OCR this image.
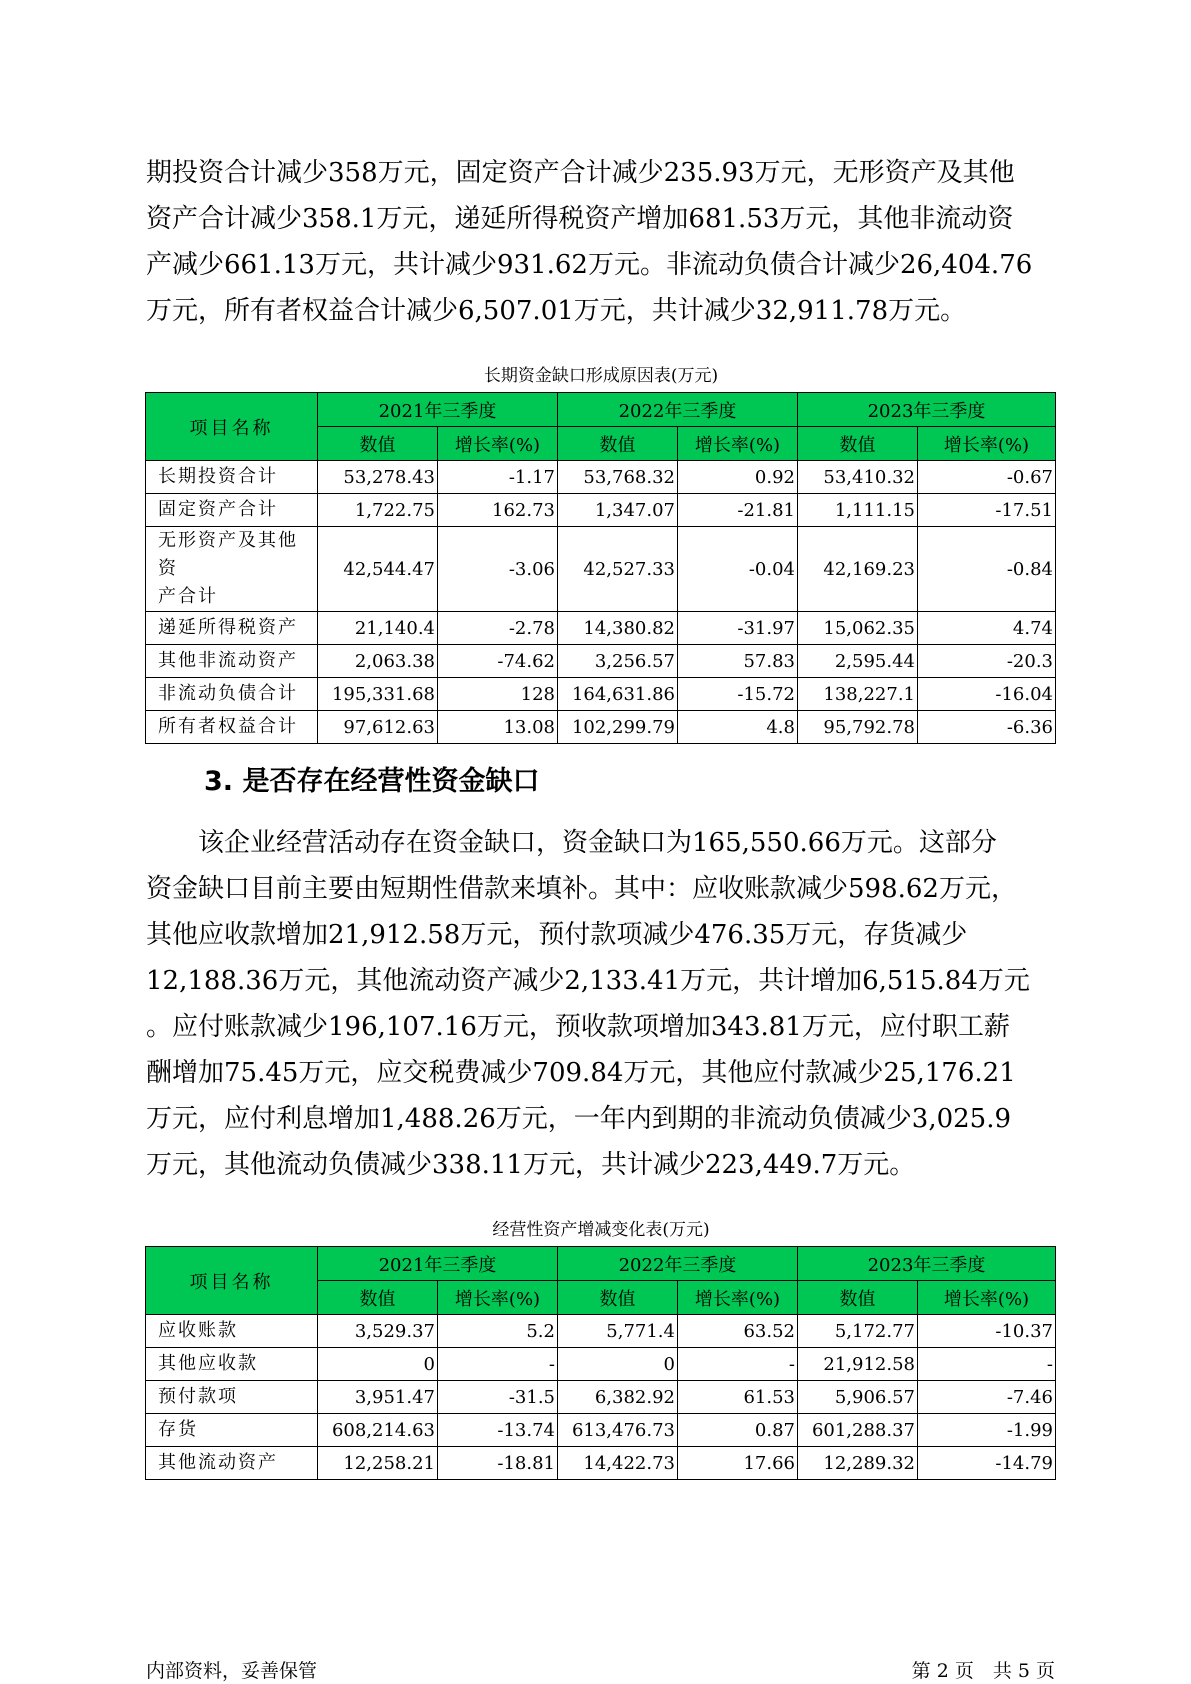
期投资合计减少358万元，固定资产合计减少235.93万元，无形资产及其他
资产合计减少358.1万元，递延所得税资产增加681.53万元，其他非流动资
产减少661.13万元，共计减少931.62万元。非流动负债合计减少26,404.76
万元，所有者权益合计减少6,507.01万元，共计减少32,911.78万元。
长期资金缺口形成原因表(万元)
项目名称	2021年三季度		2022年三季度		2023年三季度	
	数值	增长率(%)	数值	增长率(%)	数值	增长率(%)
长期投资合计	53,278.43	-1.17	53,768.32	0.92	53,410.32	-0.67
固定资产合计	1,722.75	162.73	1,347.07	-21.81	1,111.15	-17.51
无形资产及其他资
产合计	42,544.47	-3.06	42,527.33	-0.04	42,169.23	-0.84
递延所得税资产	21,140.4	-2.78	14,380.82	-31.97	15,062.35	4.74
其他非流动资产	2,063.38	-74.62	3,256.57	57.83	2,595.44	-20.3
非流动负债合计	195,331.68	128	164,631.86	-15.72	138,227.1	-16.04
所有者权益合计	97,612.63	13.08	102,299.79	4.8	95,792.78	-6.36
3. 是否存在经营性资金缺口
　　该企业经营活动存在资金缺口，资金缺口为165,550.66万元。这部分
资金缺口目前主要由短期性借款来填补。其中：应收账款减少598.62万元，
其他应收款增加21,912.58万元，预付款项减少476.35万元，存货减少
12,188.36万元，其他流动资产减少2,133.41万元，共计增加6,515.84万元
。应付账款减少196,107.16万元，预收款项增加343.81万元，应付职工薪
酬增加75.45万元，应交税费减少709.84万元，其他应付款减少25,176.21
万元，应付利息增加1,488.26万元，一年内到期的非流动负债减少3,025.9
万元，其他流动负债减少338.11万元，共计减少223,449.7万元。
经营性资产增减变化表(万元)
项目名称	2021年三季度		2022年三季度		2023年三季度	
	数值	增长率(%)	数值	增长率(%)	数值	增长率(%)
应收账款	3,529.37	5.2	5,771.4	63.52	5,172.77	-10.37
其他应收款	0	-	0	-	21,912.58	-
预付款项	3,951.47	-31.5	6,382.92	61.53	5,906.57	-7.46
存货	608,214.63	-13.74	613,476.73	0.87	601,288.37	-1.99
其他流动资产	12,258.21	-18.81	14,422.73	17.66	12,289.32	-14.79
内部资料，妥善保管	第 2 页　共 5 页
